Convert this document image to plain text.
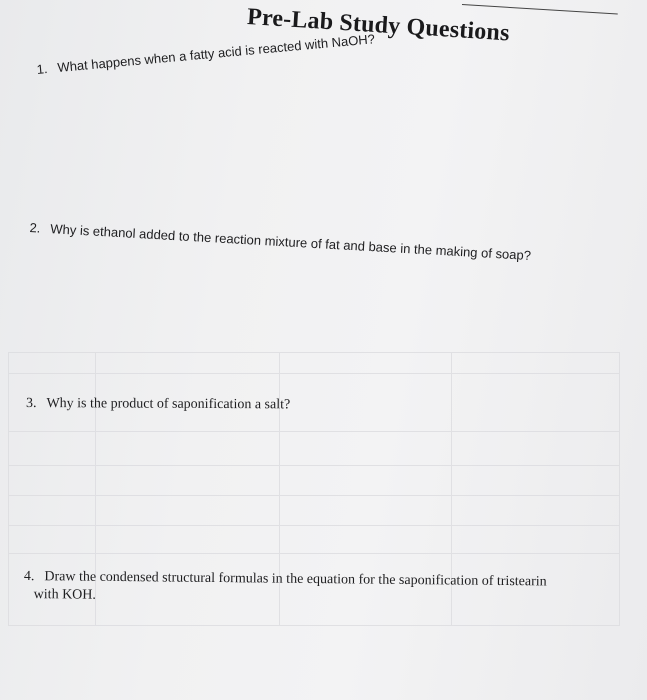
Pre-Lab Study Questions
1. What happens when a fatty acid is reacted with NaOH?
2. Why is ethanol added to the reaction mixture of fat and base in the making of soap?
3. Why is the product of saponification a salt?
4. Draw the condensed structural formulas in the equation for the saponification of tristearin
with KOH.
